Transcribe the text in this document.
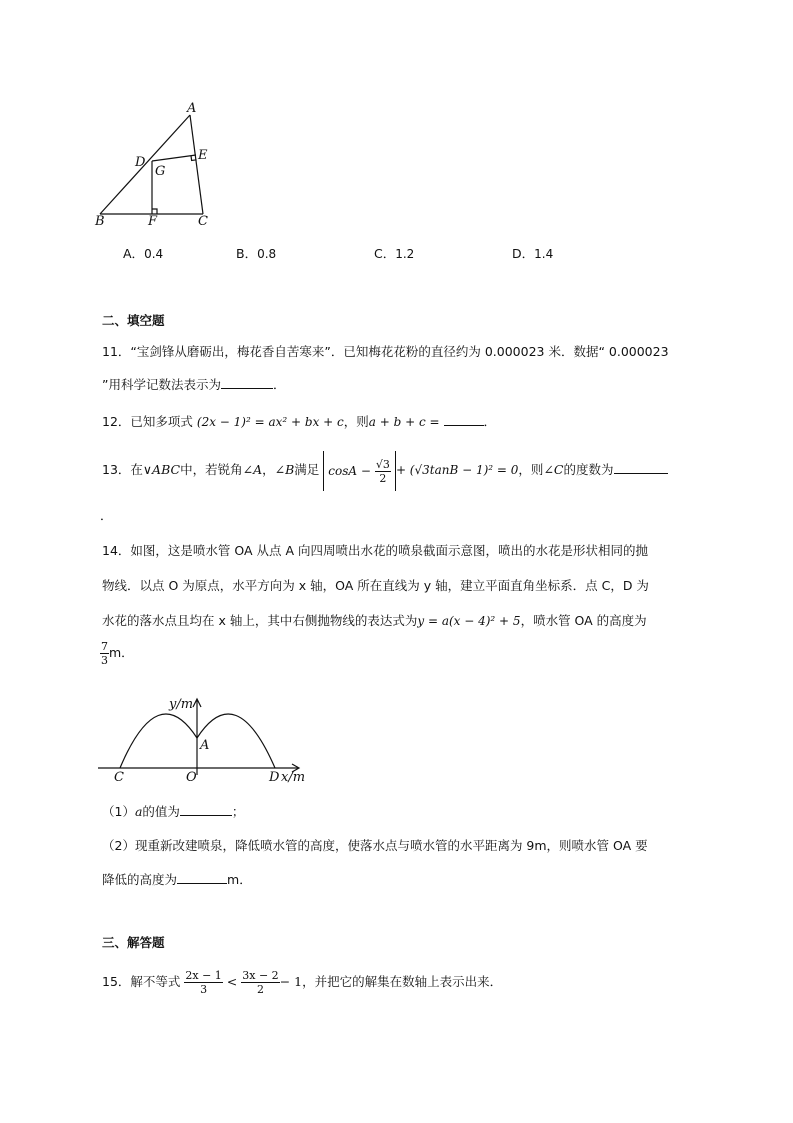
A
D	E
G
B	F	C
A．0.4	B．0.8	C．1.2	D．1.4
二、填空题
11．“宝剑锋从磨砺出，梅花香自苦寒来”．已知梅花花粉的直径约为 0.000023 米．数据“ 0.000023
”用科学记数法表示为	．
12．已知多项式 (2x − 1)² = ax² + bx + c，则a + b + c =	．
13．在∨ABC中，若锐角∠A，∠B满足 $\cos A - \frac{√3}{2} + (√3\tan B - 1)^2 = 0$，则∠C的度数为
．
14．如图，这是喷水管 OA 从点 A 向四周喷出水花的喷泉截面示意图，喷出的水花是形状相同的抛
物线．以点 O 为原点，水平方向为 x 轴，OA 所在直线为 y 轴，建立平面直角坐标系．点 C，D 为
水花的落水点且均在 x 轴上，其中右侧抛物线的表达式为y = a(x − 4)² + 5，喷水管 OA 的高度为
$\frac{7}{3}$ m．
y/m
A
C	O	D x/m
（1）a的值为	；
（2）现重新改建喷泉，降低喷水管的高度，使落水点与喷水管的水平距离为 9m，则喷水管 OA 要
降低的高度为	m．
三、解答题
15．解不等式 $\frac{2x - 1}{3} < \frac{3x - 2}{2} - 1$，并把它的解集在数轴上表示出来．
